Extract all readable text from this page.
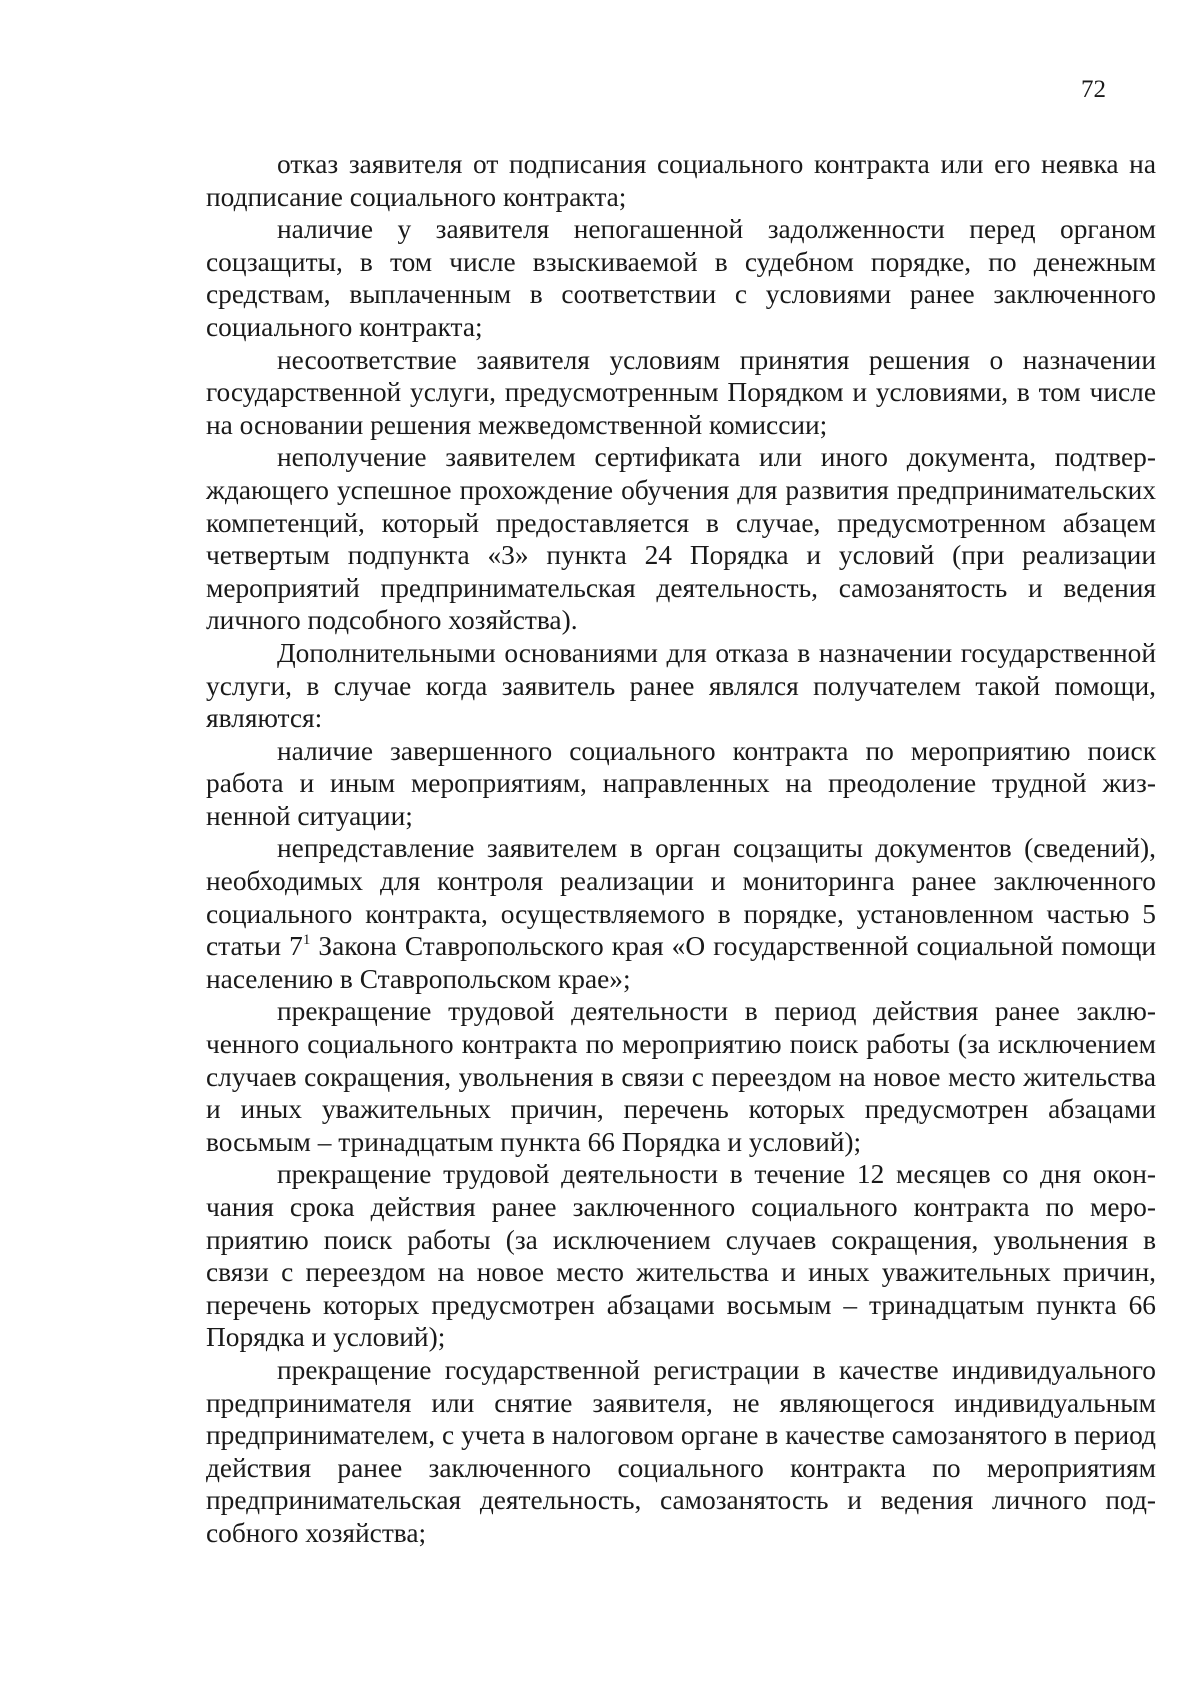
72

отказ заявителя от подписания социального контракта или его неявка на подписание социального контракта;

наличие у заявителя непогашенной задолженности перед органом соцзащиты, в том числе взыскиваемой в судебном порядке, по денежным средствам, выплаченным в соответствии с условиями ранее заключенного социального контракта;

несоответствие заявителя условиям принятия решения о назначении государственной услуги, предусмотренным Порядком и условиями, в том числе на основании решения межведомственной комиссии;

неполучение заявителем сертификата или иного документа, подтверждающего успешное прохождение обучения для развития предпринимательских компетенций, который предоставляется в случае, предусмотренном абзацем четвертым подпункта «3» пункта 24 Порядка и условий (при реализации мероприятий предпринимательская деятельность, самозанятость и ведения личного подсобного хозяйства).

Дополнительными основаниями для отказа в назначении государственной услуги, в случае когда заявитель ранее являлся получателем такой помощи, являются:

наличие завершенного социального контракта по мероприятию поиск работа и иным мероприятиям, направленных на преодоление трудной жизненной ситуации;

непредставление заявителем в орган соцзащиты документов (сведений), необходимых для контроля реализации и мониторинга ранее заключенного социального контракта, осуществляемого в порядке, установленном частью 5 статьи $7^1$ Закона Ставропольского края «О государственной социальной помощи населению в Ставропольском крае»;

прекращение трудовой деятельности в период действия ранее заключенного социального контракта по мероприятию поиск работы (за исключением случаев сокращения, увольнения в связи с переездом на новое место жительства и иных уважительных причин, перечень которых предусмотрен абзацами восьмым – тринадцатым пункта 66 Порядка и условий);

прекращение трудовой деятельности в течение 12 месяцев со дня окончания срока действия ранее заключенного социального контракта по мероприятию поиск работы (за исключением случаев сокращения, увольнения в связи с переездом на новое место жительства и иных уважительных причин, перечень которых предусмотрен абзацами восьмым – тринадцатым пункта 66 Порядка и условий);

прекращение государственной регистрации в качестве индивидуального предпринимателя или снятие заявителя, не являющегося индивидуальным предпринимателем, с учета в налоговом органе в качестве самозанятого в период действия ранее заключенного социального контракта по мероприятиям предпринимательская деятельность, самозанятость и ведения личного подсобного хозяйства;
